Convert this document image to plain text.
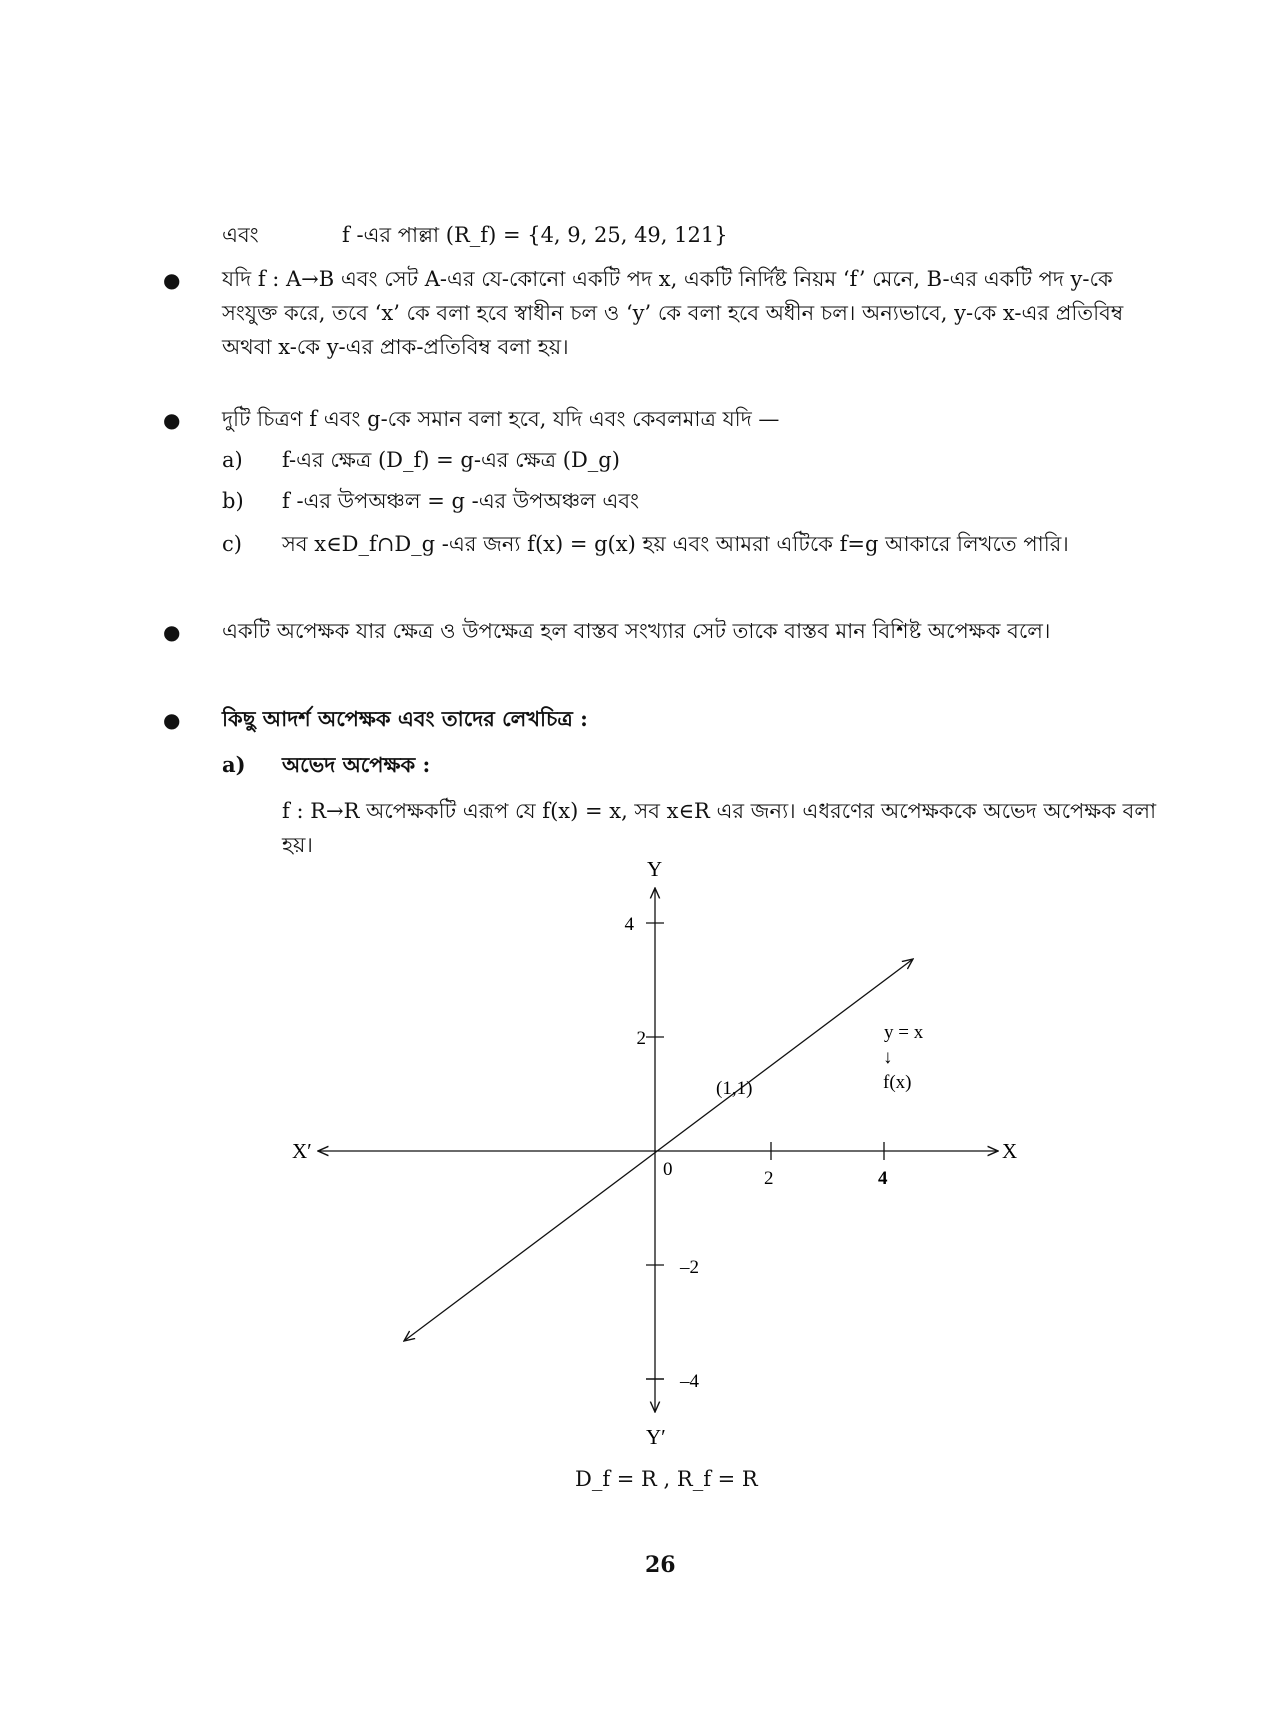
এবং	f -এর পাল্লা (R_f) = {4, 9, 25, 49, 121}
● যদি f : A→B এবং সেট A-এর যে-কোনো একটি পদ x, একটি নির্দিষ্ট নিয়ম ‘f’ মেনে, B-এর একটি পদ y-কে
সংযুক্ত করে, তবে ‘x’ কে বলা হবে স্বাধীন চল ও ‘y’ কে বলা হবে অধীন চল। অন্যভাবে, y-কে x-এর প্রতিবিম্ব
অথবা x-কে y-এর প্রাক-প্রতিবিম্ব বলা হয়।
● দুটি চিত্রণ f এবং g-কে সমান বলা হবে, যদি এবং কেবলমাত্র যদি —
a) f-এর ক্ষেত্র (D_f) = g-এর ক্ষেত্র (D_g)
b) f -এর উপঅঞ্চল = g -এর উপঅঞ্চল এবং
c) সব x∈D_f∩D_g -এর জন্য f(x) = g(x) হয় এবং আমরা এটিকে f=g আকারে লিখতে পারি।
● একটি অপেক্ষক যার ক্ষেত্র ও উপক্ষেত্র হল বাস্তব সংখ্যার সেট তাকে বাস্তব মান বিশিষ্ট অপেক্ষক বলে।
● কিছু আদর্শ অপেক্ষক এবং তাদের লেখচিত্র :
a) অভেদ অপেক্ষক :
f : R→R অপেক্ষকটি এরূপ যে f(x) = x, সব x∈R এর জন্য। এধরণের অপেক্ষককে অভেদ অপেক্ষক বলা
হয়।
Y
Y′
X
X′
0	2	4
4
2
–2
–4
(1,1)
y = x
↓
f(x)
D_f = R , R_f = R
26
